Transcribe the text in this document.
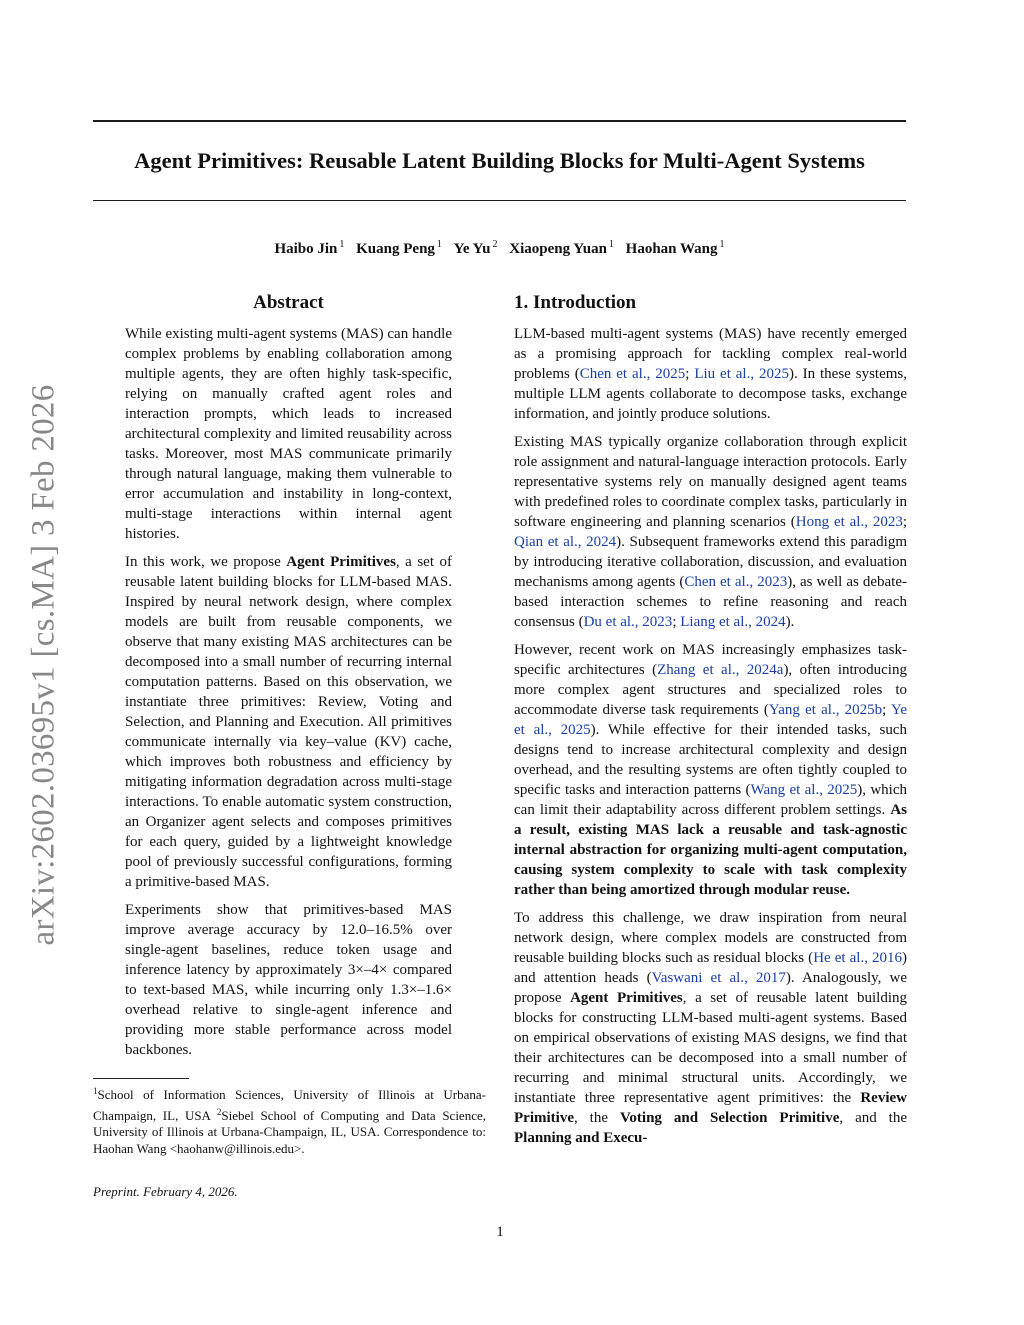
Agent Primitives: Reusable Latent Building Blocks for Multi-Agent Systems
Haibo Jin $^1$ Kuang Peng $^1$ Ye Yu $^2$ Xiaopeng Yuan $^1$ Haohan Wang $^1$
arXiv:2602.03695v1 [cs.MA] 3 Feb 2026
Abstract

While existing multi-agent systems (MAS) can handle complex problems by enabling collaboration among multiple agents, they are often highly task-specific, relying on manually crafted agent roles and interaction prompts, which leads to increased architectural complexity and limited reusability across tasks. Moreover, most MAS communicate primarily through natural language, making them vulnerable to error accumulation and instability in long-context, multi-stage interactions within internal agent histories.

In this work, we propose Agent Primitives, a set of reusable latent building blocks for LLM-based MAS. Inspired by neural network design, where complex models are built from reusable components, we observe that many existing MAS architectures can be decomposed into a small number of recurring internal computation patterns. Based on this observation, we instantiate three primitives: Review, Voting and Selection, and Planning and Execution. All primitives communicate internally via key–value (KV) cache, which improves both robustness and efficiency by mitigating information degradation across multi-stage interactions. To enable automatic system construction, an Organizer agent selects and composes primitives for each query, guided by a lightweight knowledge pool of previously successful configurations, forming a primitive-based MAS.

Experiments show that primitives-based MAS improve average accuracy by 12.0–16.5% over single-agent baselines, reduce token usage and inference latency by approximately 3×–4× compared to text-based MAS, while incurring only 1.3×–1.6× overhead relative to single-agent inference and providing more stable performance across model backbones.

$^1$School of Information Sciences, University of Illinois at Urbana-Champaign, IL, USA $^2$Siebel School of Computing and Data Science, University of Illinois at Urbana-Champaign, IL, USA. Correspondence to: Haohan Wang <haohanw@illinois.edu>.

Preprint. February 4, 2026.

1. Introduction

LLM-based multi-agent systems (MAS) have recently emerged as a promising approach for tackling complex real-world problems (Chen et al., 2025; Liu et al., 2025). In these systems, multiple LLM agents collaborate to decompose tasks, exchange information, and jointly produce solutions.

Existing MAS typically organize collaboration through explicit role assignment and natural-language interaction protocols. Early representative systems rely on manually designed agent teams with predefined roles to coordinate complex tasks, particularly in software engineering and planning scenarios (Hong et al., 2023; Qian et al., 2024). Subsequent frameworks extend this paradigm by introducing iterative collaboration, discussion, and evaluation mechanisms among agents (Chen et al., 2023), as well as debate-based interaction schemes to refine reasoning and reach consensus (Du et al., 2023; Liang et al., 2024).

However, recent work on MAS increasingly emphasizes task-specific architectures (Zhang et al., 2024a), often introducing more complex agent structures and specialized roles to accommodate diverse task requirements (Yang et al., 2025b; Ye et al., 2025). While effective for their intended tasks, such designs tend to increase architectural complexity and design overhead, and the resulting systems are often tightly coupled to specific tasks and interaction patterns (Wang et al., 2025), which can limit their adaptability across different problem settings. As a result, existing MAS lack a reusable and task-agnostic internal abstraction for organizing multi-agent computation, causing system complexity to scale with task complexity rather than being amortized through modular reuse.

To address this challenge, we draw inspiration from neural network design, where complex models are constructed from reusable building blocks such as residual blocks (He et al., 2016) and attention heads (Vaswani et al., 2017). Analogously, we propose Agent Primitives, a set of reusable latent building blocks for constructing LLM-based multi-agent systems. Based on empirical observations of existing MAS designs, we find that their architectures can be decomposed into a small number of recurring and minimal structural units. Accordingly, we instantiate three representative agent primitives: the Review Primitive, the Voting and Selection Primitive, and the Planning and Execu-

1
